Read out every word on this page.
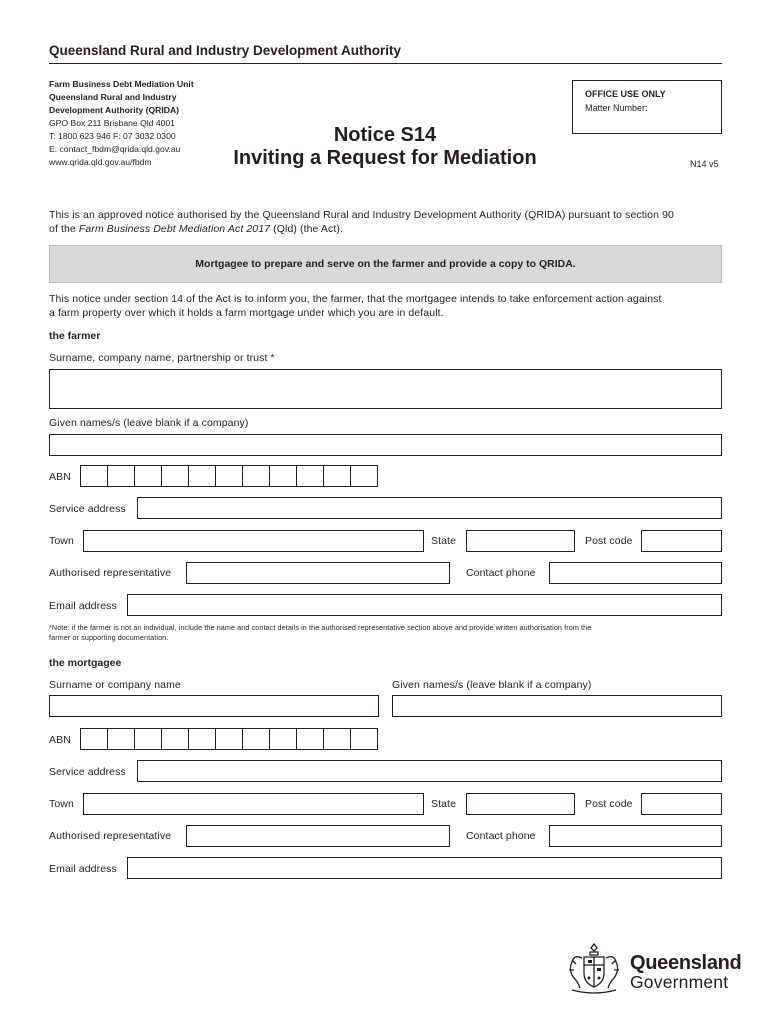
Queensland Rural and Industry Development Authority
Farm Business Debt Mediation Unit
Queensland Rural and Industry
Development Authority (QRIDA)
GPO Box 211 Brisbane Qld 4001
T: 1800 623 946 F: 07 3032 0300
E: contact_fbdm@qrida.qld.gov.au
www.qrida.qld.gov.au/fbdm
OFFICE USE ONLY
Matter Number:
Notice S14
Inviting a Request for Mediation	N14 v5
This is an approved notice authorised by the Queensland Rural and Industry Development Authority (QRIDA) pursuant to section 90
of the Farm Business Debt Mediation Act 2017 (Qld) (the Act).
Mortgagee to prepare and serve on the farmer and provide a copy to QRIDA.
This notice under section 14 of the Act is to inform you, the farmer, that the mortgagee intends to take enforcement action against
a farm property over which it holds a farm mortgage under which you are in default.
the farmer
Surname, company name, partnership or trust *
Given names/s (leave blank if a company)
ABN
Service address
Town	State	Post code
Authorised representative	Contact phone
Email address
*Note: if the farmer is not an individual, include the name and contact details in the authorised representative section above and provide written authorisation from the
farmer or supporting documentation.
the mortgagee
Surname or company name	Given names/s (leave blank if a company)
ABN
Service address
Town	State	Post code
Authorised representative	Contact phone
Email address
Queensland
Government
